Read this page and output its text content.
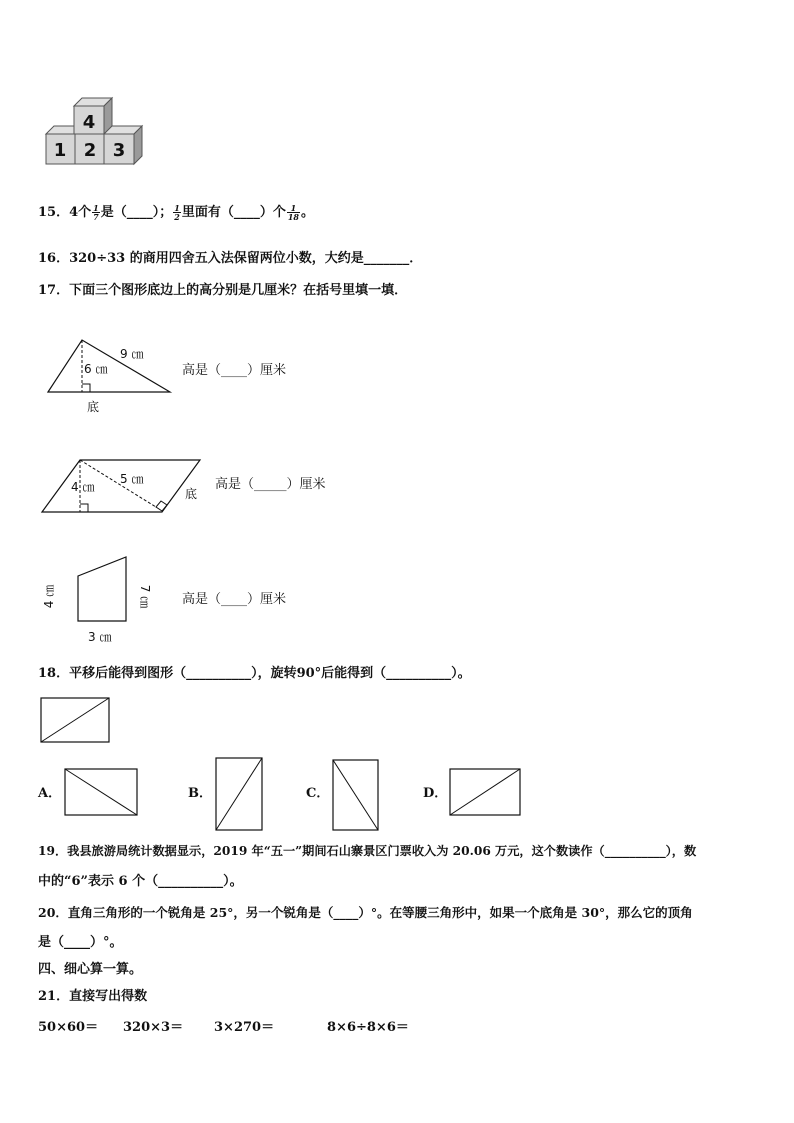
4
1 2 3
15．4个 $\frac{1}{7}$ 是（____）； $\frac{1}{2}$ 里面有（____）个 $\frac{1}{18}$ 。
16．320÷33 的商用四舍五入法保留两位小数，大约是_______．
17．下面三个图形底边上的高分别是几厘米？在括号里填一填．
9 ㎝
6 ㎝
底
高是（____）厘米
5 ㎝
4 ㎝	底
高是（_____）厘米
4 ㎝	7 ㎝
3 ㎝
高是（____）厘米
18．平移后能得到图形（__________），旋转90°后能得到（__________）。
A．	B．	C．	D．
19．我县旅游局统计数据显示，2019 年“五一”期间石山寨景区门票收入为 20.06 万元，这个数读作（__________），数
中的“6”表示 6 个（__________）。
20．直角三角形的一个锐角是 25°，另一个锐角是（____）°。在等腰三角形中，如果一个底角是 30°，那么它的顶角
是（____）°。
四、细心算一算。
21．直接写出得数
50×60＝ 320×3＝ 3×270＝	8×6÷8×6＝
